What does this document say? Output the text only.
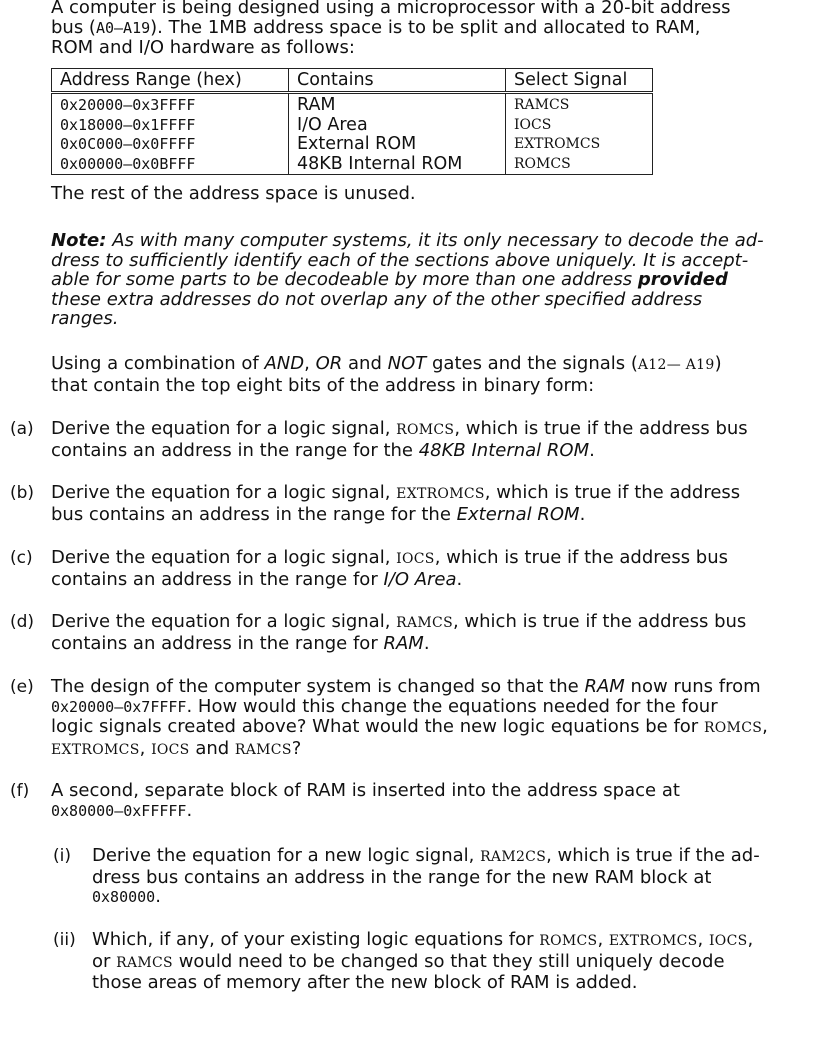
A computer is being designed using a microprocessor with a 20-bit address
bus (A0–A19). The 1MB address space is to be split and allocated to RAM,
ROM and I/O hardware as follows:
Address Range (hex)	Contains	Select Signal
0x20000–0x3FFFF	RAM	RAMCS
0x18000–0x1FFFF	I/O Area	IOCS
0x0C000–0x0FFFF	External ROM	EXTROMCS
0x00000–0x0BFFF	48KB Internal ROM	ROMCS
The rest of the address space is unused.
Note: As with many computer systems, it its only necessary to decode the ad-
dress to sufficiently identify each of the sections above uniquely. It is accept-
able for some parts to be decodeable by more than one address provided
these extra addresses do not overlap any of the other specified address
ranges.
Using a combination of AND, OR and NOT gates and the signals (A12— A19)
that contain the top eight bits of the address in binary form:
(a) Derive the equation for a logic signal, ROMCS, which is true if the address bus
contains an address in the range for the 48KB Internal ROM.
(b) Derive the equation for a logic signal, EXTROMCS, which is true if the address
bus contains an address in the range for the External ROM.
(c) Derive the equation for a logic signal, IOCS, which is true if the address bus
contains an address in the range for I/O Area.
(d) Derive the equation for a logic signal, RAMCS, which is true if the address bus
contains an address in the range for RAM.
(e) The design of the computer system is changed so that the RAM now runs from
0x20000–0x7FFFF. How would this change the equations needed for the four
logic signals created above? What would the new logic equations be for ROMCS,
EXTROMCS, IOCS and RAMCS?
(f) A second, separate block of RAM is inserted into the address space at
0x80000–0xFFFFF.
(i) Derive the equation for a new logic signal, RAM2CS, which is true if the ad-
dress bus contains an address in the range for the new RAM block at
0x80000.
(ii) Which, if any, of your existing logic equations for ROMCS, EXTROMCS, IOCS,
or RAMCS would need to be changed so that they still uniquely decode
those areas of memory after the new block of RAM is added.
